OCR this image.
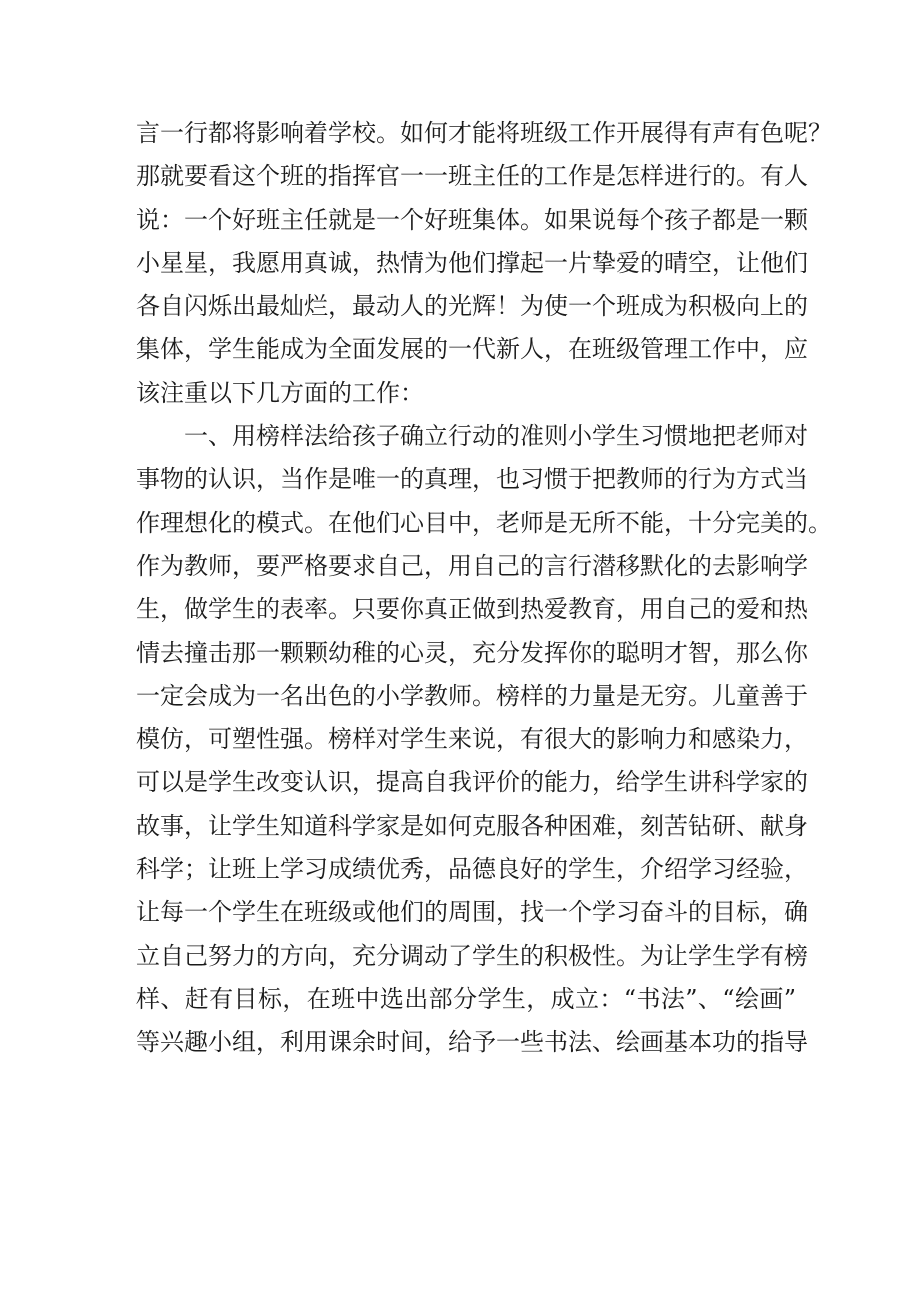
言一行都将影响着学校。如何才能将班级工作开展得有声有色呢？
那就要看这个班的指挥官一一班主任的工作是怎样进行的。有人
说：一个好班主任就是一个好班集体。如果说每个孩子都是一颗
小星星，我愿用真诚，热情为他们撑起一片挚爱的晴空，让他们
各自闪烁出最灿烂，最动人的光辉！为使一个班成为积极向上的
集体，学生能成为全面发展的一代新人，在班级管理工作中，应
该注重以下几方面的工作：
一、用榜样法给孩子确立行动的准则小学生习惯地把老师对
事物的认识，当作是唯一的真理，也习惯于把教师的行为方式当
作理想化的模式。在他们心目中，老师是无所不能，十分完美的。
作为教师，要严格要求自己，用自己的言行潜移默化的去影响学
生，做学生的表率。只要你真正做到热爱教育，用自己的爱和热
情去撞击那一颗颗幼稚的心灵，充分发挥你的聪明才智，那么你
一定会成为一名出色的小学教师。榜样的力量是无穷。儿童善于
模仿，可塑性强。榜样对学生来说，有很大的影响力和感染力，
可以是学生改变认识，提高自我评价的能力，给学生讲科学家的
故事，让学生知道科学家是如何克服各种困难，刻苦钻研、献身
科学；让班上学习成绩优秀，品德良好的学生，介绍学习经验，
让每一个学生在班级或他们的周围，找一个学习奋斗的目标，确
立自己努力的方向，充分调动了学生的积极性。为让学生学有榜
样、赶有目标，在班中选出部分学生，成立：“书法”、“绘画”
等兴趣小组，利用课余时间，给予一些书法、绘画基本功的指导
